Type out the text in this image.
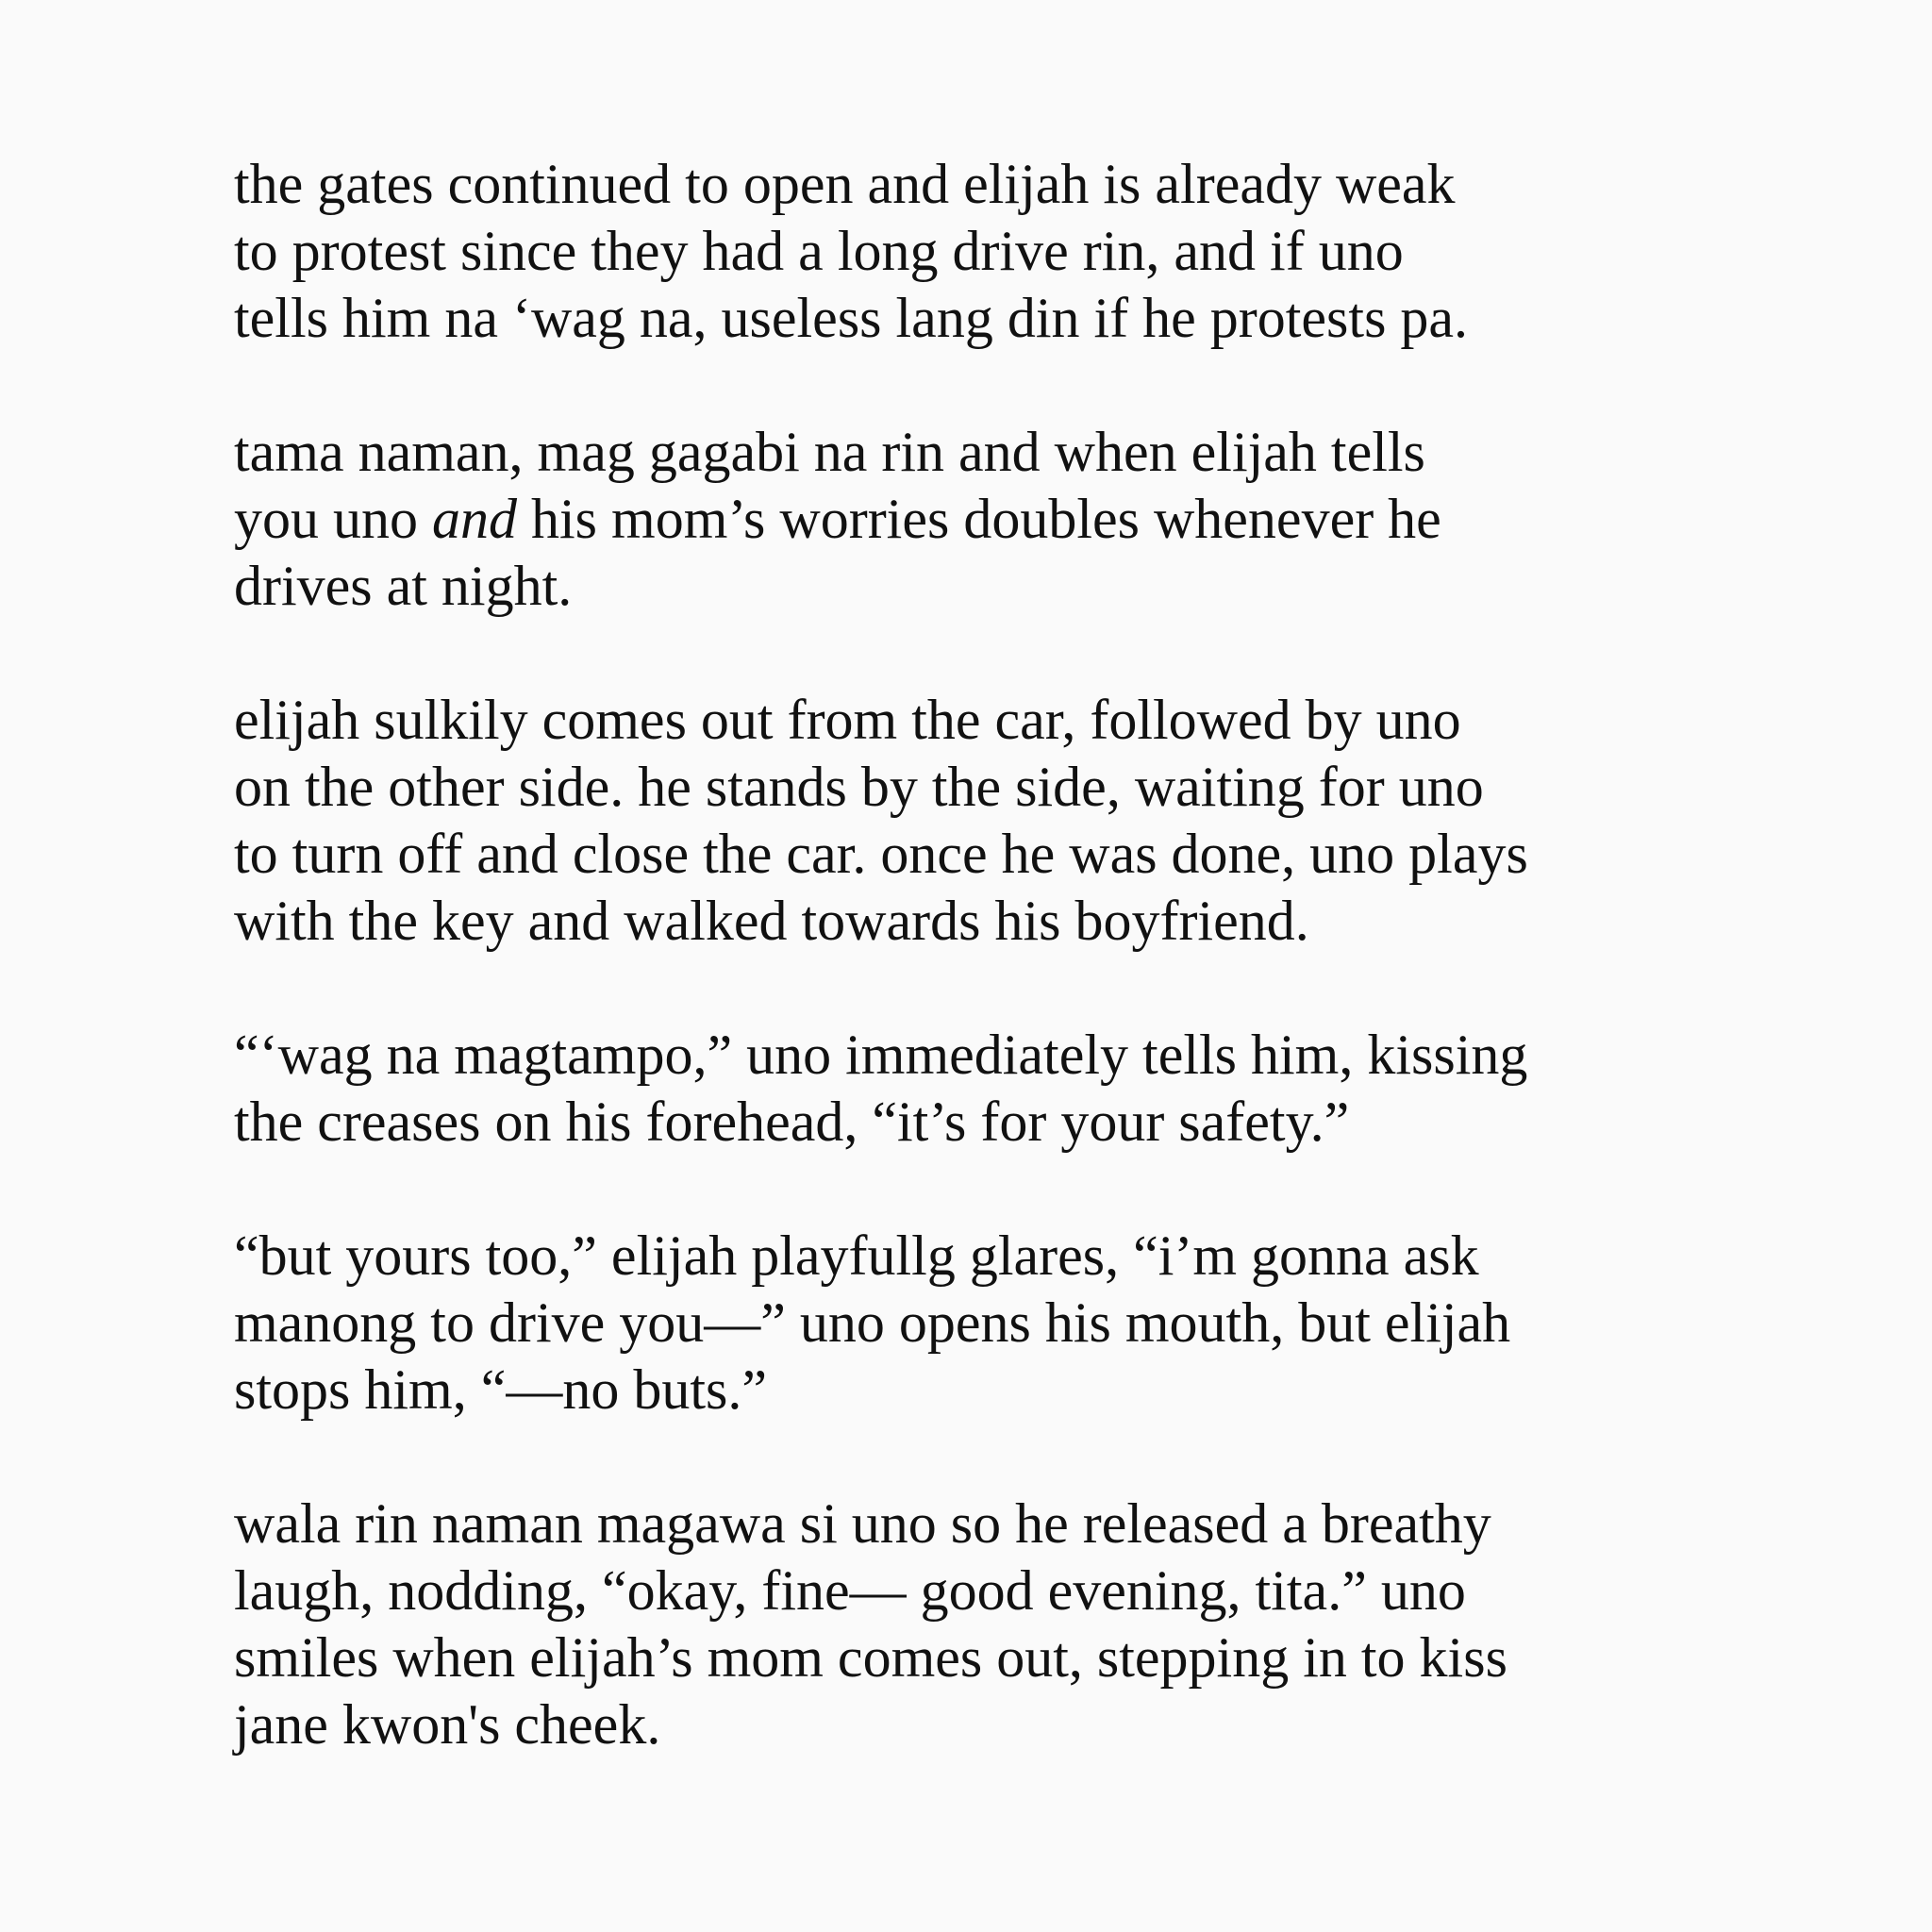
the gates continued to open and elijah is already weak
to protest since they had a long drive rin, and if uno
tells him na ‘wag na, useless lang din if he protests pa.

tama naman, mag gagabi na rin and when elijah tells
you uno and his mom’s worries doubles whenever he
drives at night.

elijah sulkily comes out from the car, followed by uno
on the other side. he stands by the side, waiting for uno
to turn off and close the car. once he was done, uno plays
with the key and walked towards his boyfriend.

“‘wag na magtampo,” uno immediately tells him, kissing
the creases on his forehead, “it’s for your safety.”

“but yours too,” elijah playfullg glares, “i’m gonna ask
manong to drive you—” uno opens his mouth, but elijah
stops him, “—no buts.”

wala rin naman magawa si uno so he released a breathy
laugh, nodding, “okay, fine— good evening, tita.” uno
smiles when elijah’s mom comes out, stepping in to kiss
jane kwon's cheek.
